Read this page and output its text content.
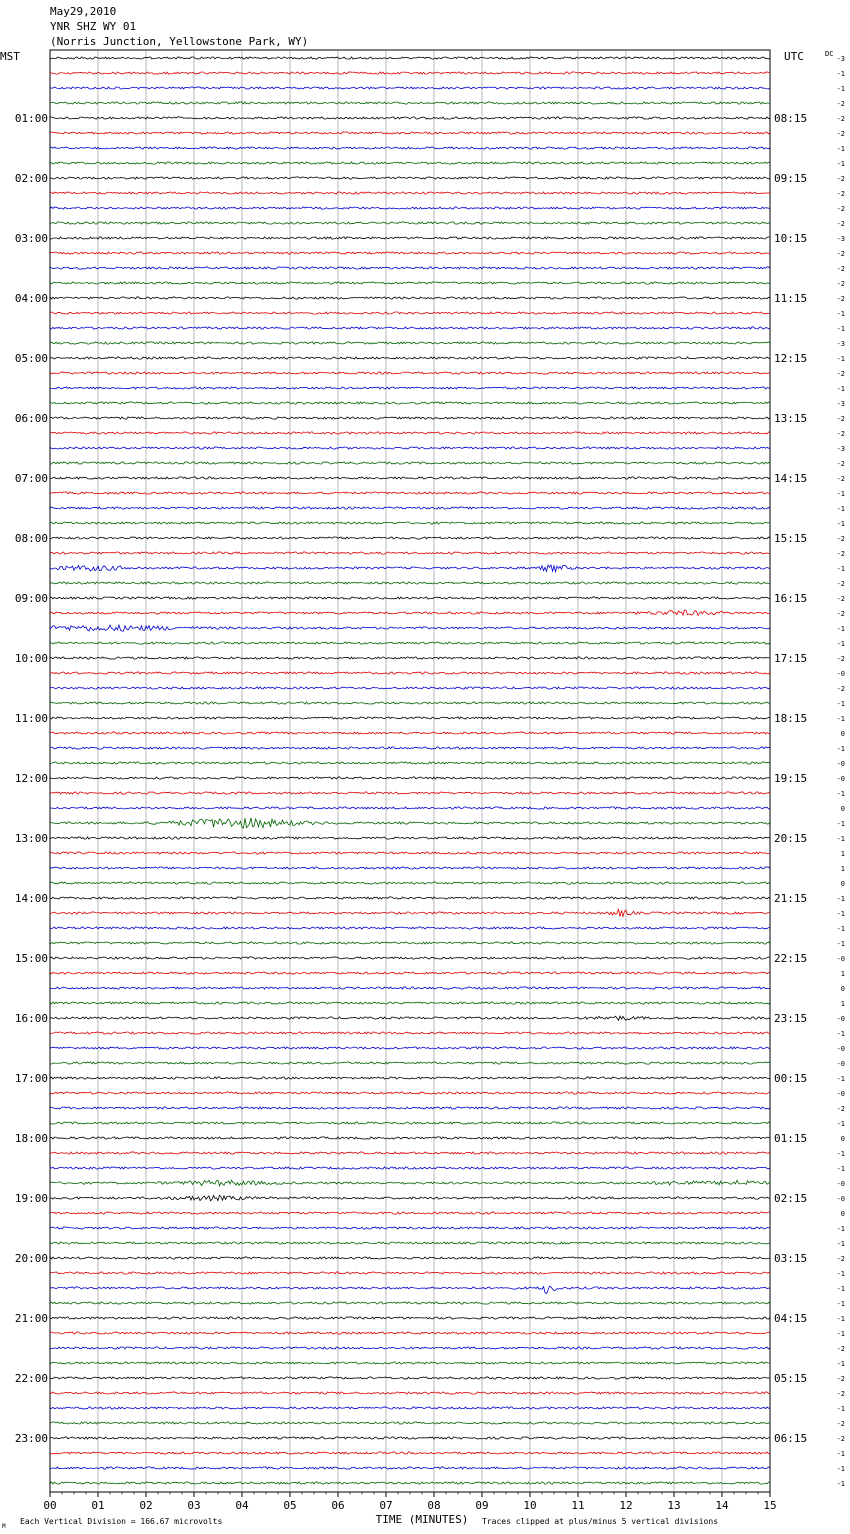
May29,2010
YNR SHZ WY 01
(Norris Junction, Yellowstone Park, WY)
MST	UTC	DC
01:00
02:00
03:00
04:00
05:00
06:00
07:00
08:00
09:00
10:00
11:00
12:00
13:00
14:00
15:00
16:00
17:00
18:00
19:00
20:00
21:00
22:00
23:00
08:15
09:15
10:15
11:15
12:15
13:15
14:15
15:15
16:15
17:15
18:15
19:15
20:15
21:15
22:15
23:15
00:15
01:15
02:15
03:15
04:15
05:15
06:15
-3
-1
-1
-2
-2
-2
-1
-1
-2
-2
-2
-2
-3
-2
-2
-2
-2
-1
-1
-3
-1
-2
-1
-3
-2
-2
-3
-2
-2
-1
-1
-1
-2
-2
-1
-2
-2
-2
-1
-1
-2
-0
-2
-1
-1
0
-1
-0
-0
-1
0
-1
-1
1
1
0
-1
-1
-1
-1
-0
1
0
1
-0
-1
-0
-0
-1
-0
-2
-1
0
-1
-1
-0
-0
0
-1
-1
-2
-1
-1
-1
-1
-1
-2
-1
-2
-2
-1
-2
-2
-1
-1
-1
00	01	02	03	04	05	06	07	08	09	10	11	12	13	14	15
TIME (MINUTES)
Each Vertical Division = 166.67 microvolts	Traces clipped at plus/minus 5 vertical divisions
M
